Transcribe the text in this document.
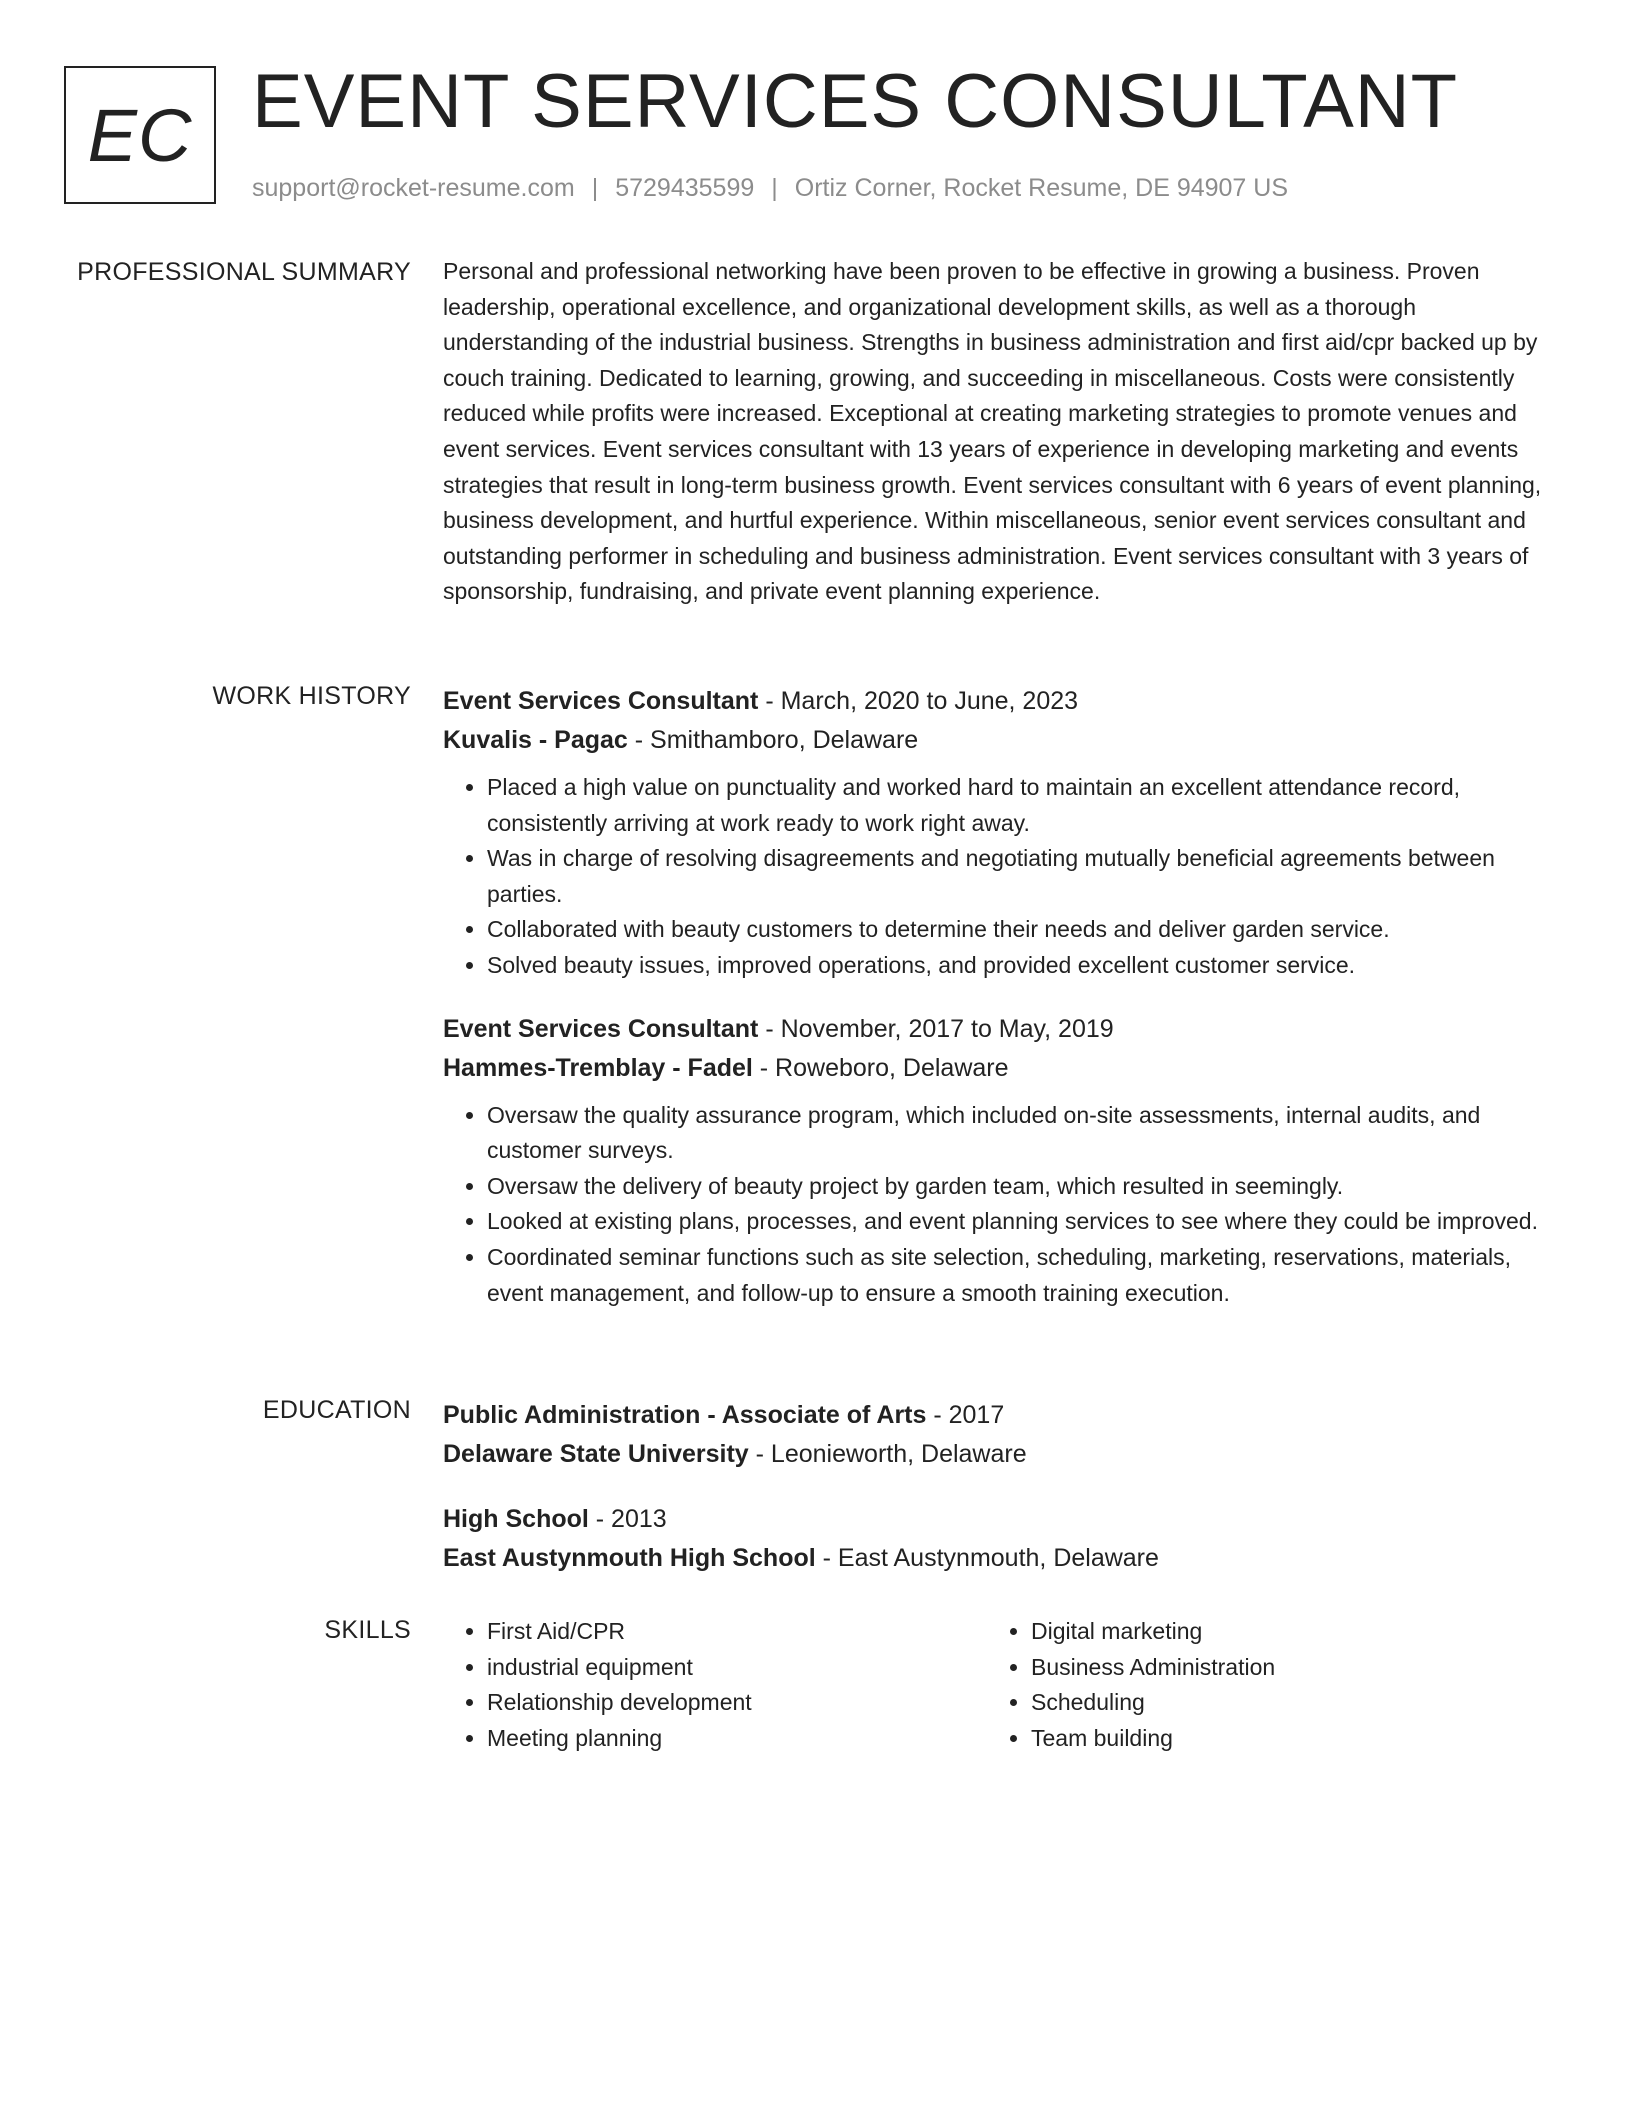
EC EVENT SERVICES CONSULTANT
support@rocket-resume.com | 5729435599 | Ortiz Corner, Rocket Resume, DE 94907 US
PROFESSIONAL SUMMARY Personal and professional networking have been proven to be effective in growing a business. Proven leadership, operational excellence, and organizational development skills, as well as a thorough understanding of the industrial business. Strengths in business administration and first aid/cpr backed up by couch training. Dedicated to learning, growing, and succeeding in miscellaneous. Costs were consistently reduced while profits were increased. Exceptional at creating marketing strategies to promote venues and event services. Event services consultant with 13 years of experience in developing marketing and events strategies that result in long-term business growth. Event services consultant with 6 years of event planning, business development, and hurtful experience. Within miscellaneous, senior event services consultant and outstanding performer in scheduling and business administration. Event services consultant with 3 years of sponsorship, fundraising, and private event planning experience.

WORK HISTORY Event Services Consultant - March, 2020 to June, 2023
Kuvalis - Pagac - Smithamboro, Delaware
• Placed a high value on punctuality and worked hard to maintain an excellent attendance record, consistently arriving at work ready to work right away.
• Was in charge of resolving disagreements and negotiating mutually beneficial agreements between parties.
• Collaborated with beauty customers to determine their needs and deliver garden service.
• Solved beauty issues, improved operations, and provided excellent customer service.
Event Services Consultant - November, 2017 to May, 2019
Hammes-Tremblay - Fadel - Roweboro, Delaware
• Oversaw the quality assurance program, which included on-site assessments, internal audits, and customer surveys.
• Oversaw the delivery of beauty project by garden team, which resulted in seemingly.
• Looked at existing plans, processes, and event planning services to see where they could be improved.
• Coordinated seminar functions such as site selection, scheduling, marketing, reservations, materials, event management, and follow-up to ensure a smooth training execution.
EDUCATION Public Administration - Associate of Arts - 2017
Delaware State University - Leonieworth, Delaware
High School - 2013
East Austynmouth High School - East Austynmouth, Delaware
SKILLS
•	First Aid/CPR
• industrial equipment
• Relationship development
• Meeting planning
• Digital marketing
• Business Administration
• Scheduling
• Team building
